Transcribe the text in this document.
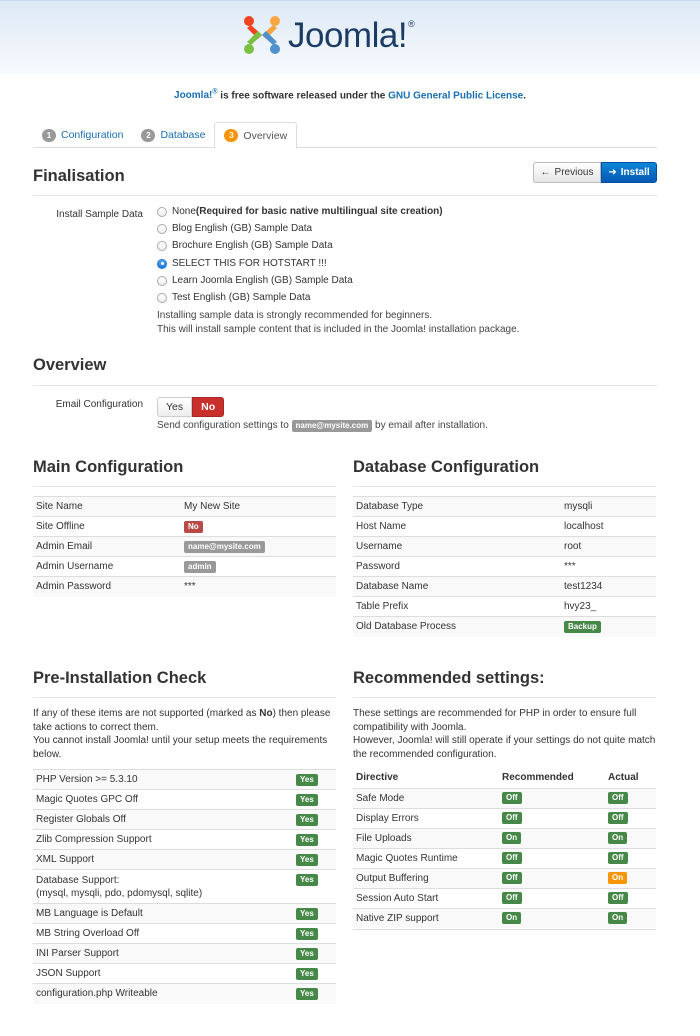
Joomla! ®
Joomla!® is free software released under the GNU General Public License.
1 Configuration	2 Database	3 Overview
Finalisation	← Previous ➜ Install
Install Sample Data	None (Required for basic native multilingual site creation)
Blog English (GB) Sample Data
Brochure English (GB) Sample Data
SELECT THIS FOR HOTSTART !!!
Learn Joomla English (GB) Sample Data
Test English (GB) Sample Data
Installing sample data is strongly recommended for beginners.
This will install sample content that is included in the Joomla! installation package.
Overview
Email Configuration	Yes	No
Send configuration settings to name@mysite.com by email after installation.
Main Configuration
Site Name	My New Site
Site Offline	No
Admin Email	name@mysite.com
Admin Username	admin
Admin Password	***
Database Configuration
Database Type	mysqli
Host Name	localhost
Username	root
Password	***
Database Name	test1234
Table Prefix	hvy23_
Old Database Process	Backup
Pre-Installation Check
If any of these items are not supported (marked as No) then please take actions to correct them.
You cannot install Joomla! until your setup meets the requirements below.
PHP Version >= 5.3.10	Yes
Magic Quotes GPC Off	Yes
Register Globals Off	Yes
Zlib Compression Support	Yes
XML Support	Yes
Database Support:
(mysql, mysqli, pdo, pdomysql, sqlite)	Yes
MB Language is Default	Yes
MB String Overload Off	Yes
INI Parser Support	Yes
JSON Support	Yes
configuration.php Writeable	Yes
Recommended settings:
These settings are recommended for PHP in order to ensure full compatibility with Joomla.
However, Joomla! will still operate if your settings do not quite match the recommended configuration.
Directive	Recommended	Actual
Safe Mode	Off	Off
Display Errors	Off	Off
File Uploads	On	On
Magic Quotes Runtime	Off	Off
Output Buffering	Off	On
Session Auto Start	Off	Off
Native ZIP support	On	On
